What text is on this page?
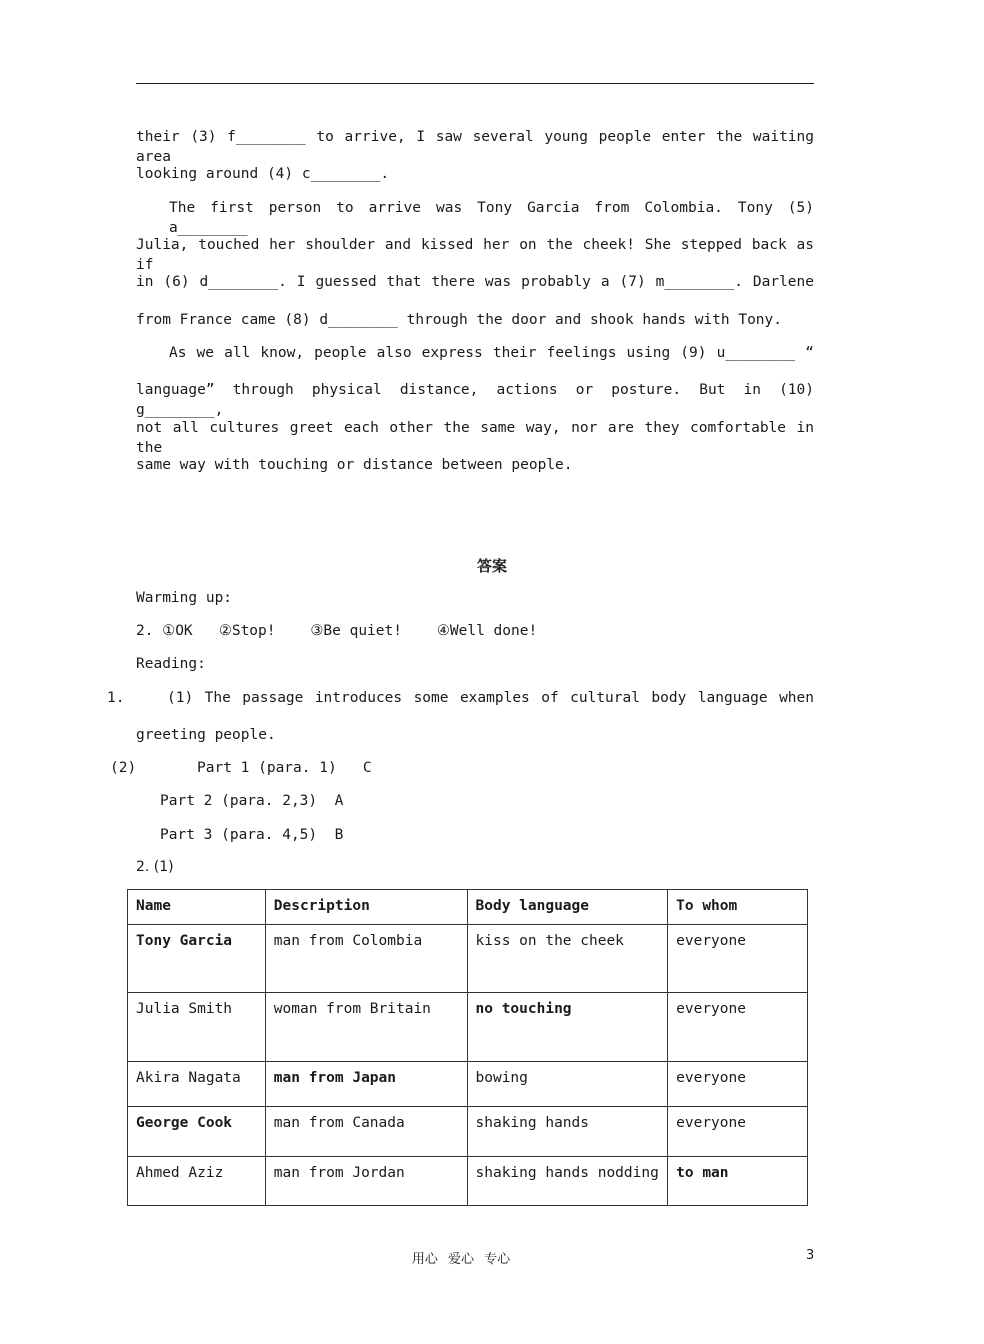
their (3) f________ to arrive, I saw several young people enter the waiting area
looking around (4) c________.
The first person to arrive was Tony Garcia from Colombia. Tony (5) a________
Julia, touched her shoulder and kissed her on the cheek! She stepped back as if
in (6) d________. I guessed that there was probably a (7) m________. Darlene
from France came (8) d________ through the door and shook hands with Tony.
As we all know, people also express their feelings using (9) u________ “
language” through physical distance, actions or posture. But in (10) g________,
not all cultures greet each other the same way, nor are they comfortable in the
same way with touching or distance between people.
答案
Warming up:
2. ①OK   ②Stop!    ③Be quiet!    ④Well done!
Reading:
1.	(1) The passage introduces some examples of cultural body language when
greeting people.
(2)	Part 1 (para. 1)   C
Part 2 (para. 2,3)  A
Part 3 (para. 4,5)  B
2. (1)
Name	Description	Body language	To whom
Tony Garcia	man from Colombia	kiss on the cheek	everyone
Julia Smith	woman from Britain	no touching	everyone
Akira Nagata	man from Japan	bowing	everyone
George Cook	man from Canada	shaking hands	everyone
Ahmed Aziz	man from Jordan	shaking hands nodding	to man
用心 爱心 专心	3
